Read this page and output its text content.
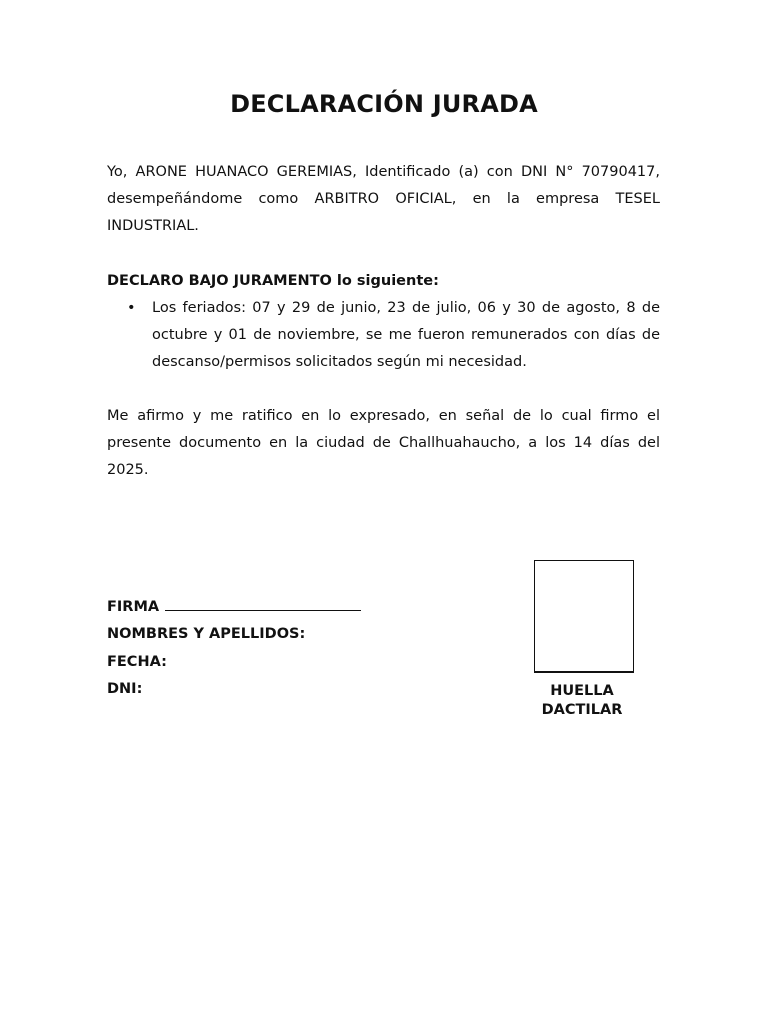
DECLARACIÓN JURADA
Yo, ARONE HUANACO GEREMIAS, Identificado (a) con DNI N° 70790417, desempeñándome como ARBITRO OFICIAL, en la empresa TESEL INDUSTRIAL.
DECLARO BAJO JURAMENTO lo siguiente:
• Los feriados: 07 y 29 de junio, 23 de julio, 06 y 30 de agosto, 8 de octubre y 01 de noviembre, se me fueron remunerados con días de descanso/permisos solicitados según mi necesidad.
Me afirmo y me ratifico en lo expresado, en señal de lo cual firmo el presente documento en la ciudad de Challhuahaucho, a los 14 días del 2025.
FIRMA
NOMBRES Y APELLIDOS:
FECHA:
DNI:	HUELLA
DACTILAR
